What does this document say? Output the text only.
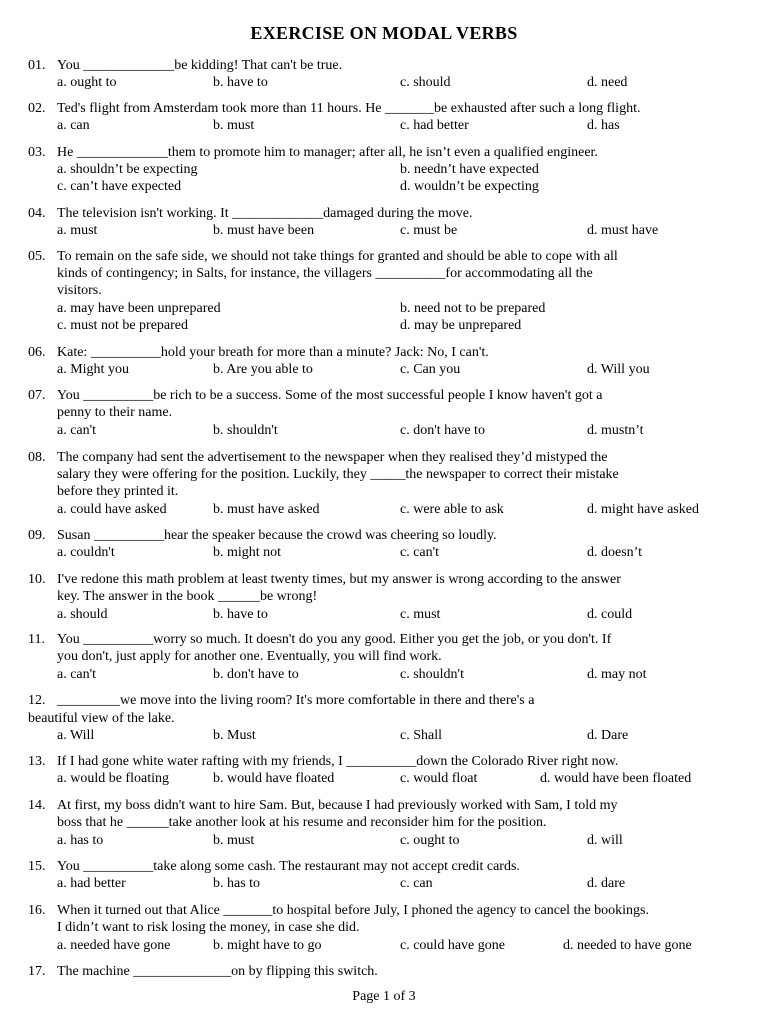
EXERCISE ON MODAL VERBS
01. You _____________be kidding! That can't be true.
a. ought to	b. have to	c. should	d. need
02. Ted's flight from Amsterdam took more than 11 hours. He _______be exhausted after such a long flight.
a. can	b. must	c. had better	d. has
03. He _____________them to promote him to manager; after all, he isn’t even a qualified engineer.
a. shouldn’t be expecting	b. needn’t have expected
c. can’t have expected	d. wouldn’t be expecting
04. The television isn't working. It _____________damaged during the move.
a. must	b. must have been	c. must be	d. must have
05. To remain on the safe side, we should not take things for granted and should be able to cope with all
kinds of contingency; in Salts, for instance, the villagers __________for accommodating all the
visitors.
a. may have been unprepared	b. need not to be prepared
c. must not be prepared	d. may be unprepared
06. Kate: __________hold your breath for more than a minute? Jack: No, I can't.
a. Might you	b. Are you able to	c. Can you	d. Will you
07. You __________be rich to be a success. Some of the most successful people I know haven't got a
penny to their name.
a. can't	b. shouldn't	c. don't have to	d. mustn’t
08. The company had sent the advertisement to the newspaper when they realised they’d mistyped the
salary they were offering for the position. Luckily, they _____the newspaper to correct their mistake
before they printed it.
a. could have asked	b. must have asked	c. were able to ask	d. might have asked
09. Susan __________hear the speaker because the crowd was cheering so loudly.
a. couldn't	b. might not	c. can't	d. doesn’t
10. I've redone this math problem at least twenty times, but my answer is wrong according to the answer
key. The answer in the book ______be wrong!
a. should	b. have to	c. must	d. could
11. You __________worry so much. It doesn't do you any good. Either you get the job, or you don't. If
you don't, just apply for another one. Eventually, you will find work.
a. can't	b. don't have to	c. shouldn't	d. may not
12. _________we move into the living room? It's more comfortable in there and there's a
beautiful view of the lake.
a. Will	b. Must	c. Shall	d. Dare
13. If I had gone white water rafting with my friends, I __________down the Colorado River right now.
a. would be floating	b. would have floated	c. would float	d. would have been floated
14. At first, my boss didn't want to hire Sam. But, because I had previously worked with Sam, I told my
boss that he ______take another look at his resume and reconsider him for the position.
a. has to	b. must	c. ought to	d. will
15. You __________take along some cash. The restaurant may not accept credit cards.
a. had better	b. has to	c. can	d. dare
16. When it turned out that Alice _______to hospital before July, I phoned the agency to cancel the bookings.
I didn’t want to risk losing the money, in case she did.
a. needed have gone	b. might have to go	c. could have gone	d. needed to have gone
17. The machine ______________on by flipping this switch.
Page 1 of 3
